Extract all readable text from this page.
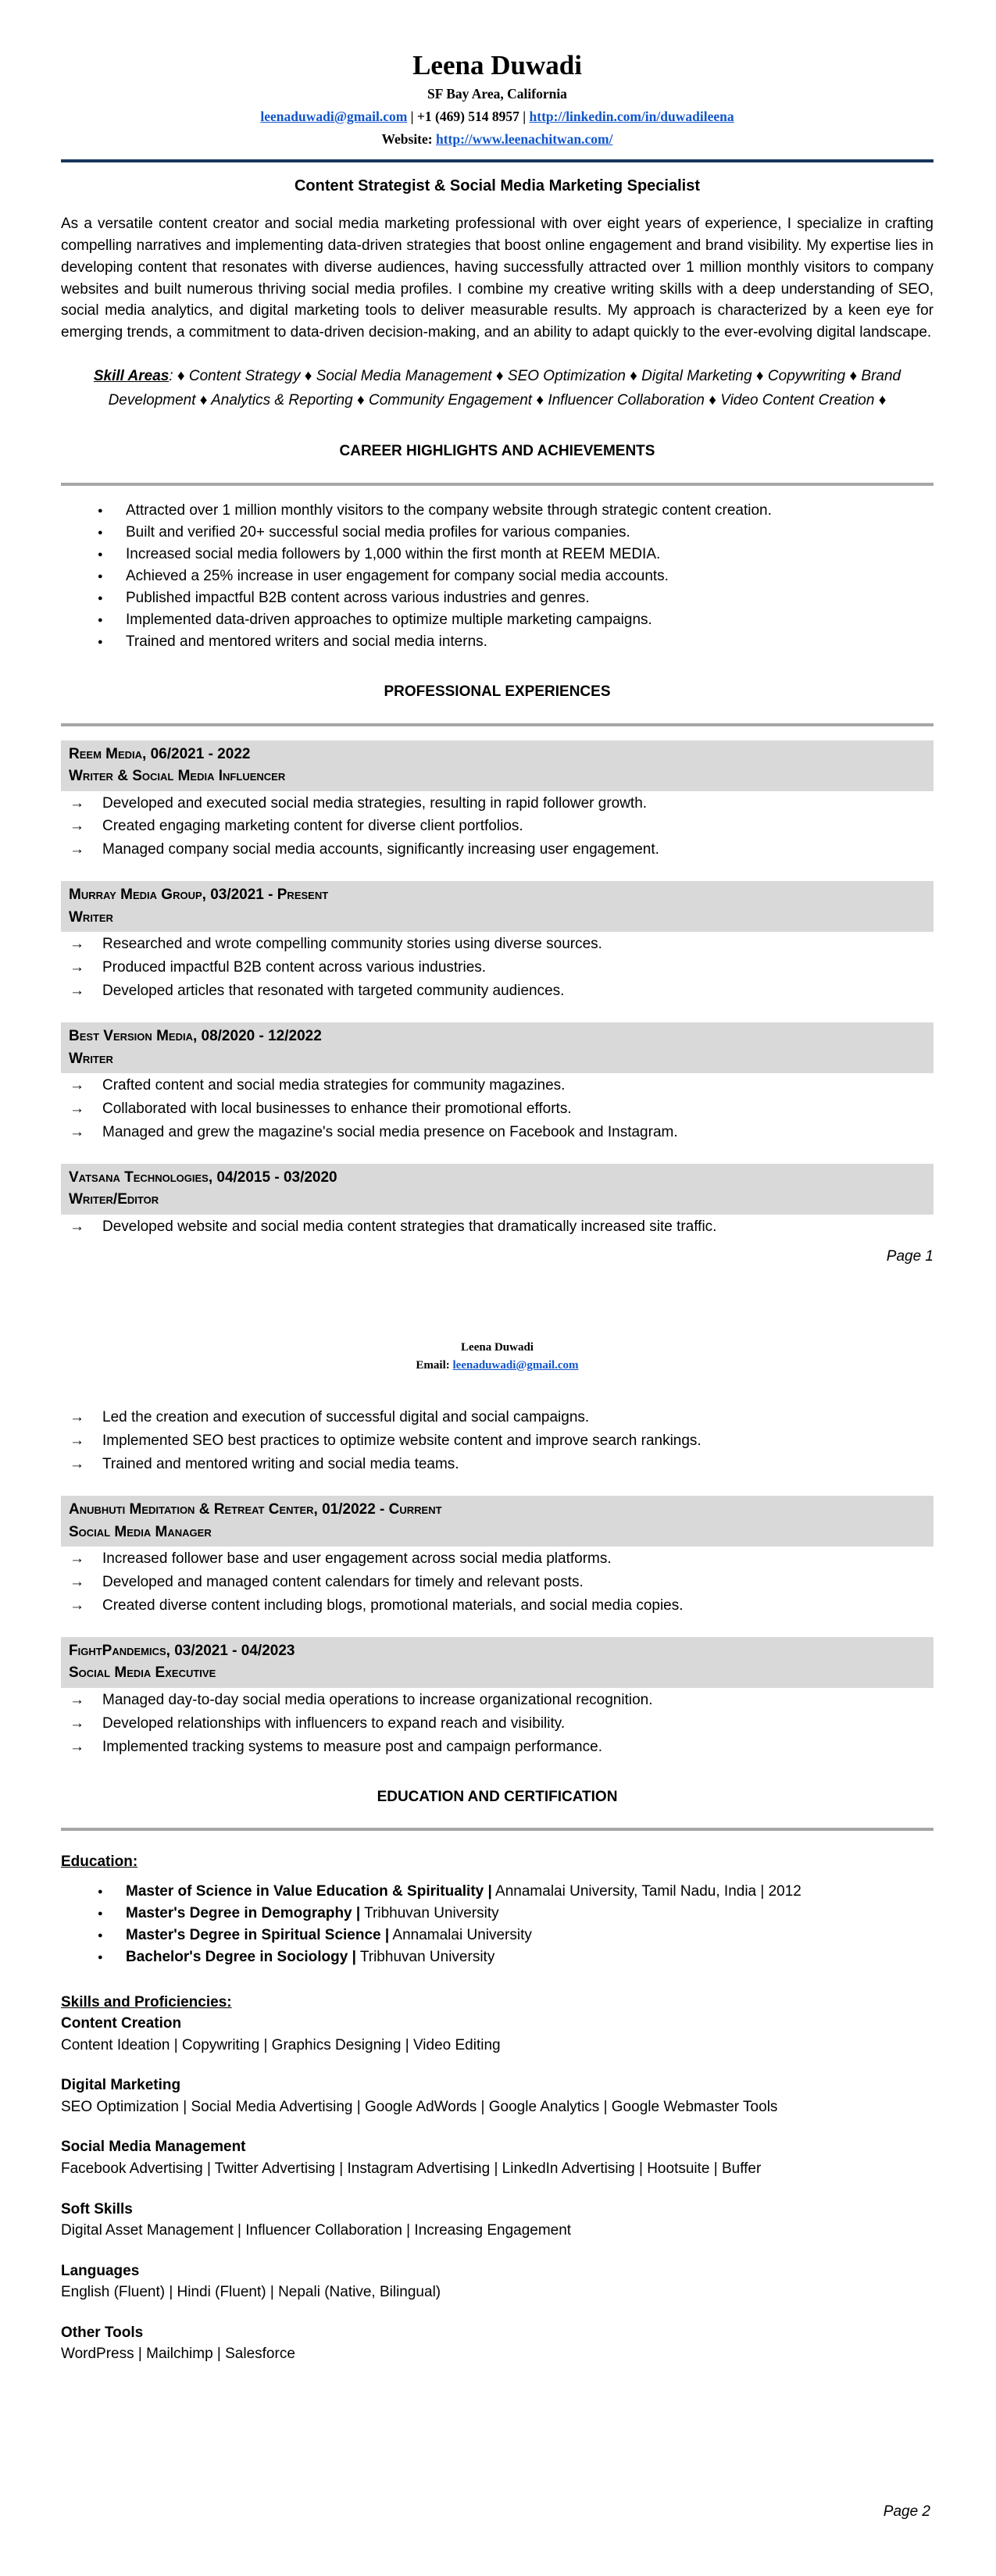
Leena Duwadi
SF Bay Area, California
leenaduwadi@gmail.com | +1 (469) 514 8957 | http://linkedin.com/in/duwadileena
Website: http://www.leenachitwan.com/
Content Strategist & Social Media Marketing Specialist
As a versatile content creator and social media marketing professional with over eight years of experience, I specialize in crafting compelling narratives and implementing data-driven strategies that boost online engagement and brand visibility. My expertise lies in developing content that resonates with diverse audiences, having successfully attracted over 1 million monthly visitors to company websites and built numerous thriving social media profiles. I combine my creative writing skills with a deep understanding of SEO, social media analytics, and digital marketing tools to deliver measurable results. My approach is characterized by a keen eye for emerging trends, a commitment to data-driven decision-making, and an ability to adapt quickly to the ever-evolving digital landscape.
Skill Areas: ♦ Content Strategy ♦ Social Media Management ♦ SEO Optimization ♦ Digital Marketing ♦ Copywriting ♦ Brand Development ♦ Analytics & Reporting ♦ Community Engagement ♦ Influencer Collaboration ♦ Video Content Creation ♦
CAREER HIGHLIGHTS AND ACHIEVEMENTS
●	Attracted over 1 million monthly visitors to the company website through strategic content creation.
●	Built and verified 20+ successful social media profiles for various companies.
●	Increased social media followers by 1,000 within the first month at REEM MEDIA.
●	Achieved a 25% increase in user engagement for company social media accounts.
●	Published impactful B2B content across various industries and genres.
●	Implemented data-driven approaches to optimize multiple marketing campaigns.
●	Trained and mentored writers and social media interns.
PROFESSIONAL EXPERIENCES
Reem Media, 06/2021 - 2022
Writer & Social Media Influencer
→	Developed and executed social media strategies, resulting in rapid follower growth.
→	Created engaging marketing content for diverse client portfolios.
→	Managed company social media accounts, significantly increasing user engagement.
Murray Media Group, 03/2021 - Present
Writer
→	Researched and wrote compelling community stories using diverse sources.
→	Produced impactful B2B content across various industries.
→	Developed articles that resonated with targeted community audiences.
Best Version Media, 08/2020 - 12/2022
Writer
→	Crafted content and social media strategies for community magazines.
→	Collaborated with local businesses to enhance their promotional efforts.
→	Managed and grew the magazine's social media presence on Facebook and Instagram.
Vatsana Technologies, 04/2015 - 03/2020
Writer/Editor
→	Developed website and social media content strategies that dramatically increased site traffic.
Page 1
Leena Duwadi
Email: leenaduwadi@gmail.com
→	Led the creation and execution of successful digital and social campaigns.
→	Implemented SEO best practices to optimize website content and improve search rankings.
→	Trained and mentored writing and social media teams.
Anubhuti Meditation & Retreat Center, 01/2022 - Current
Social Media Manager
→	Increased follower base and user engagement across social media platforms.
→	Developed and managed content calendars for timely and relevant posts.
→	Created diverse content including blogs, promotional materials, and social media copies.
FightPandemics, 03/2021 - 04/2023
Social Media Executive
→	Managed day-to-day social media operations to increase organizational recognition.
→	Developed relationships with influencers to expand reach and visibility.
→	Implemented tracking systems to measure post and campaign performance.
EDUCATION AND CERTIFICATION
Education:
●	Master of Science in Value Education & Spirituality | Annamalai University, Tamil Nadu, India | 2012
●	Master's Degree in Demography | Tribhuvan University
●	Master's Degree in Spiritual Science | Annamalai University
●	Bachelor's Degree in Sociology | Tribhuvan University
Skills and Proficiencies:
Content Creation
Content Ideation | Copywriting | Graphics Designing | Video Editing
Digital Marketing
SEO Optimization | Social Media Advertising | Google AdWords | Google Analytics | Google Webmaster Tools
Social Media Management
Facebook Advertising | Twitter Advertising | Instagram Advertising | LinkedIn Advertising | Hootsuite | Buffer
Soft Skills
Digital Asset Management | Influencer Collaboration | Increasing Engagement
Languages
English (Fluent) | Hindi (Fluent) | Nepali (Native, Bilingual)
Other Tools
WordPress | Mailchimp | Salesforce
Page 2
